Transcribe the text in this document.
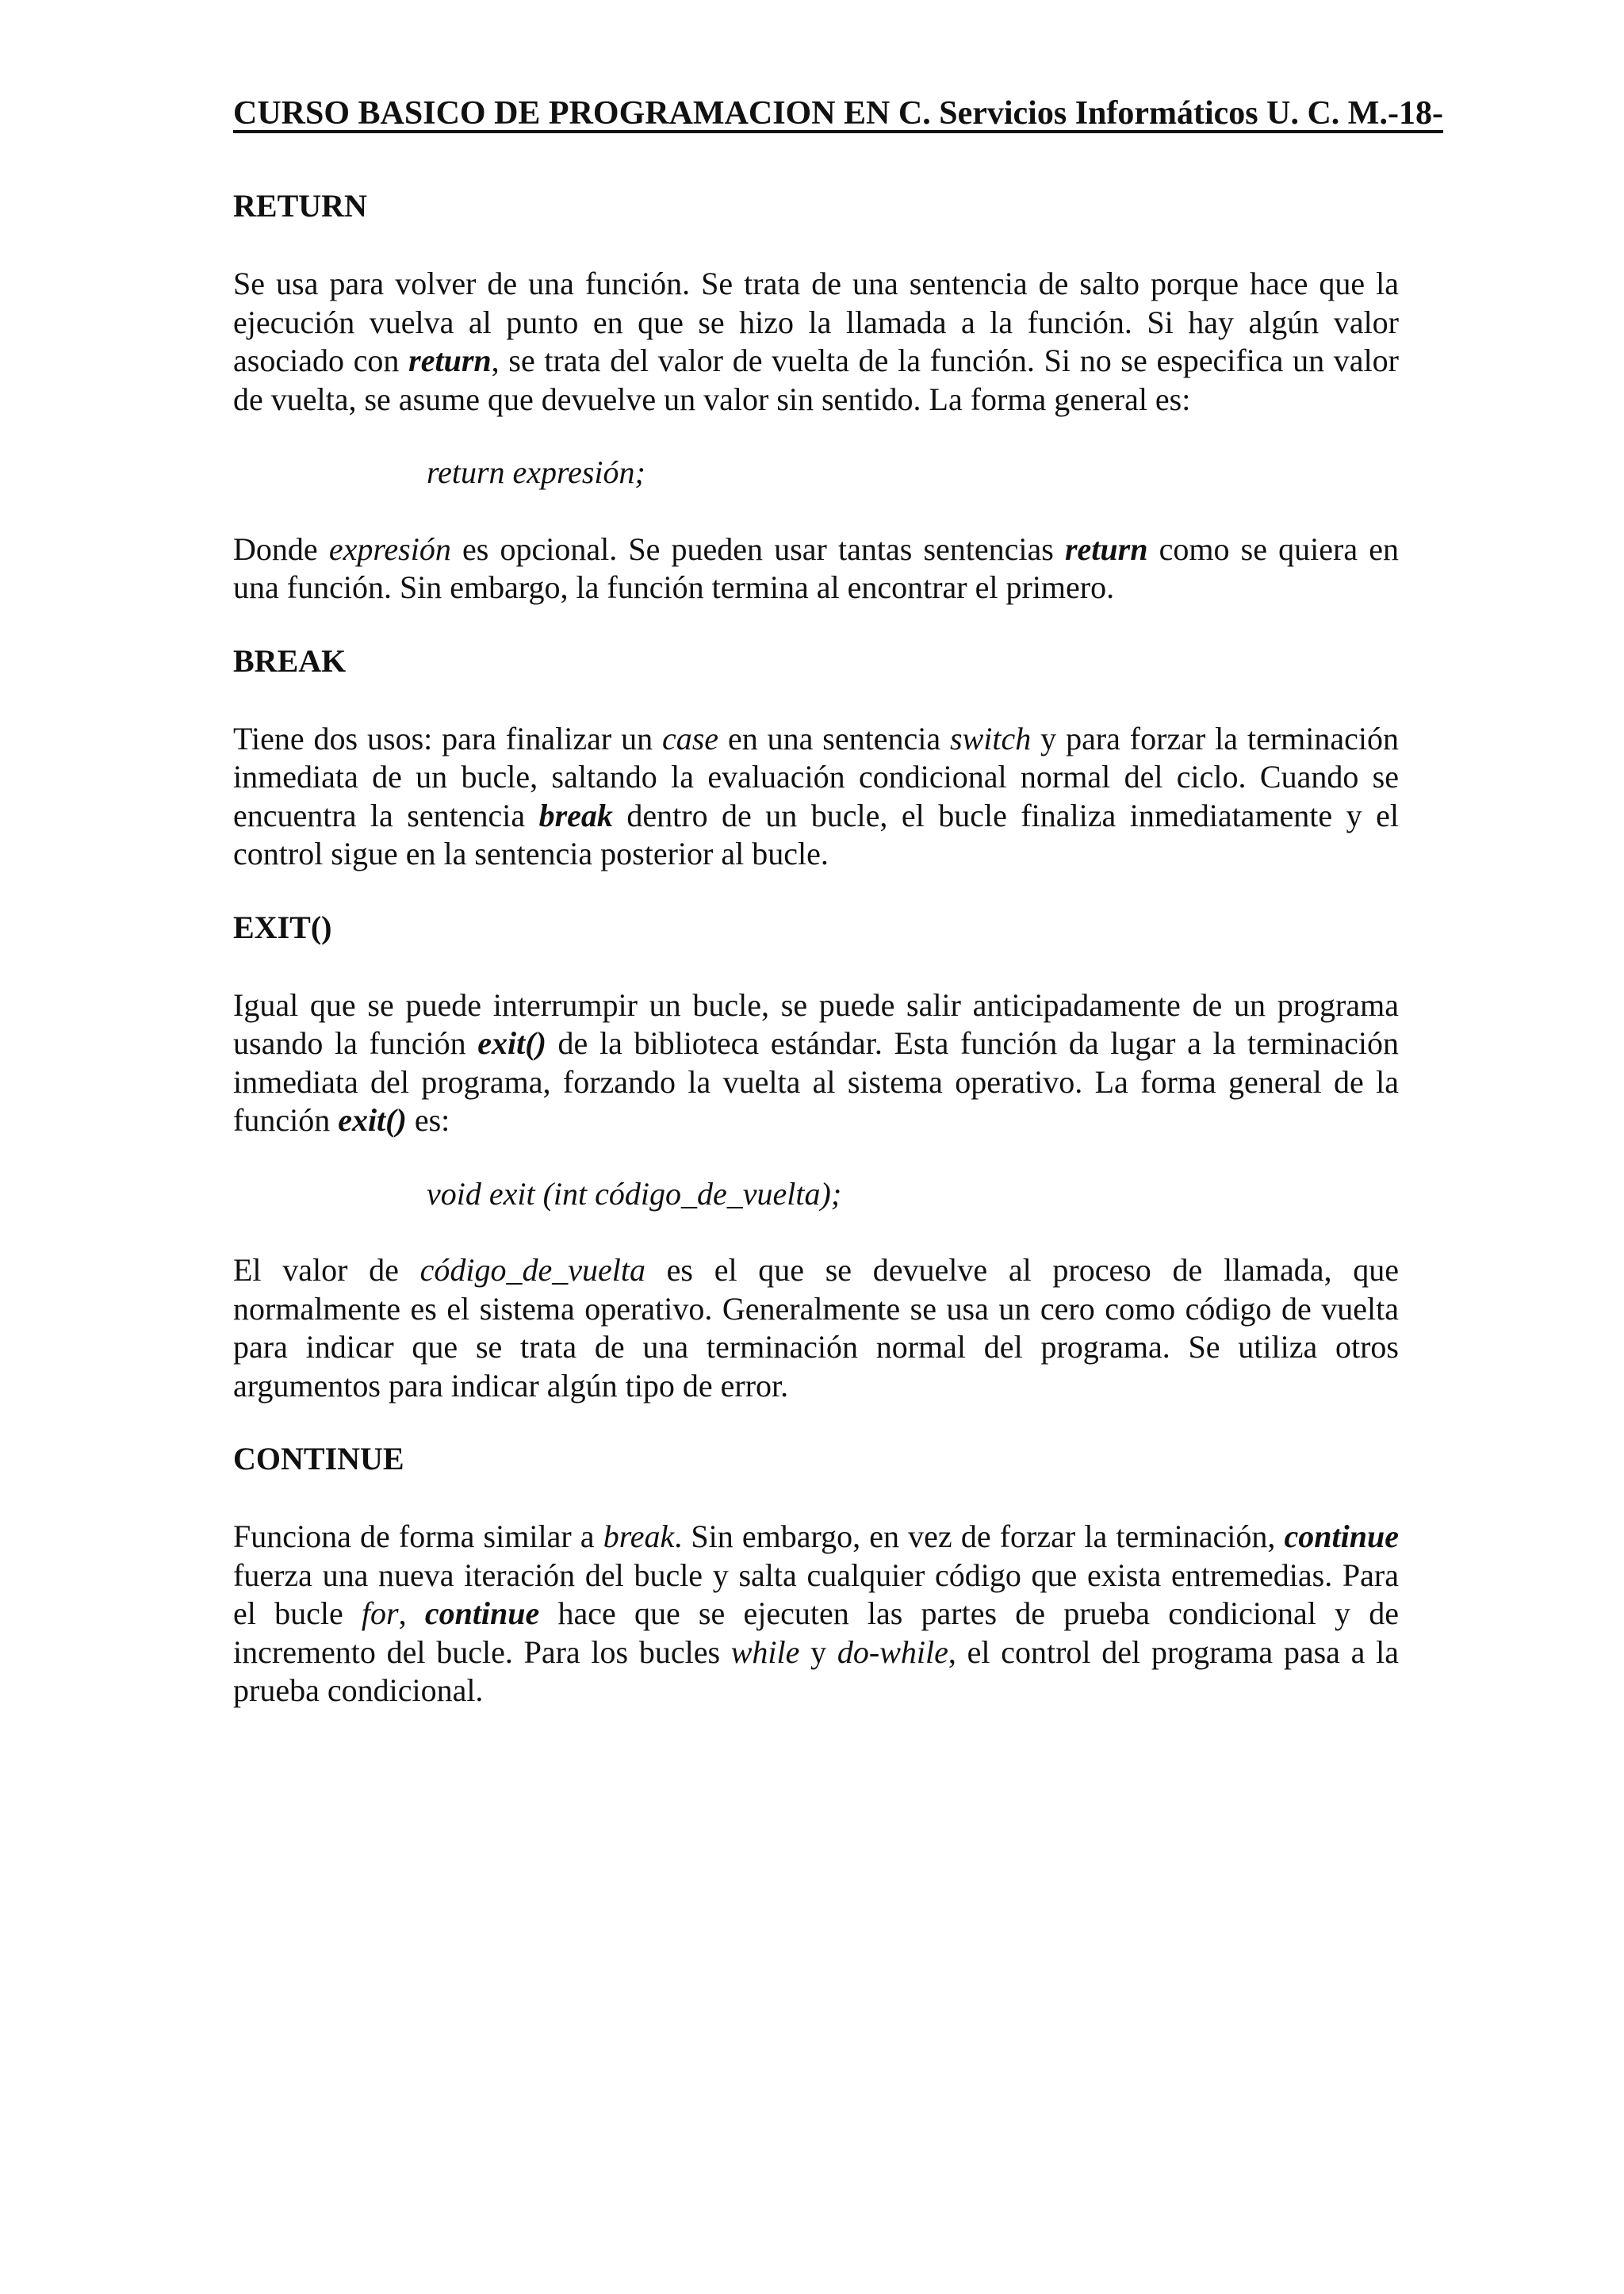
CURSO BASICO DE PROGRAMACION EN C. Servicios Informáticos U. C. M.-18-
RETURN

Se usa para volver de una función. Se trata de una sentencia de salto porque hace que la ejecución vuelva al punto en que se hizo la llamada a la función. Si hay algún valor asociado con return, se trata del valor de vuelta de la función. Si no se especifica un valor de vuelta, se asume que devuelve un valor sin sentido. La forma general es:

return expresión;

Donde expresión es opcional. Se pueden usar tantas sentencias return como se quiera en una función. Sin embargo, la función termina al encontrar el primero.

BREAK

Tiene dos usos: para finalizar un case en una sentencia switch y para forzar la terminación inmediata de un bucle, saltando la evaluación condicional normal del ciclo. Cuando se encuentra la sentencia break dentro de un bucle, el bucle finaliza inmediatamente y el control sigue en la sentencia posterior al bucle.

EXIT()

Igual que se puede interrumpir un bucle, se puede salir anticipadamente de un programa usando la función exit() de la biblioteca estándar. Esta función da lugar a la terminación inmediata del programa, forzando la vuelta al sistema operativo. La forma general de la función exit() es:

void exit (int código_de_vuelta);

El valor de código_de_vuelta es el que se devuelve al proceso de llamada, que normalmente es el sistema operativo. Generalmente se usa un cero como código de vuelta para indicar que se trata de una terminación normal del programa. Se utiliza otros argumentos para indicar algún tipo de error.

CONTINUE

Funciona de forma similar a break. Sin embargo, en vez de forzar la terminación, continue fuerza una nueva iteración del bucle y salta cualquier código que exista entremedias. Para el bucle for, continue hace que se ejecuten las partes de prueba condicional y de incremento del bucle. Para los bucles while y do-while, el control del programa pasa a la prueba condicional.
